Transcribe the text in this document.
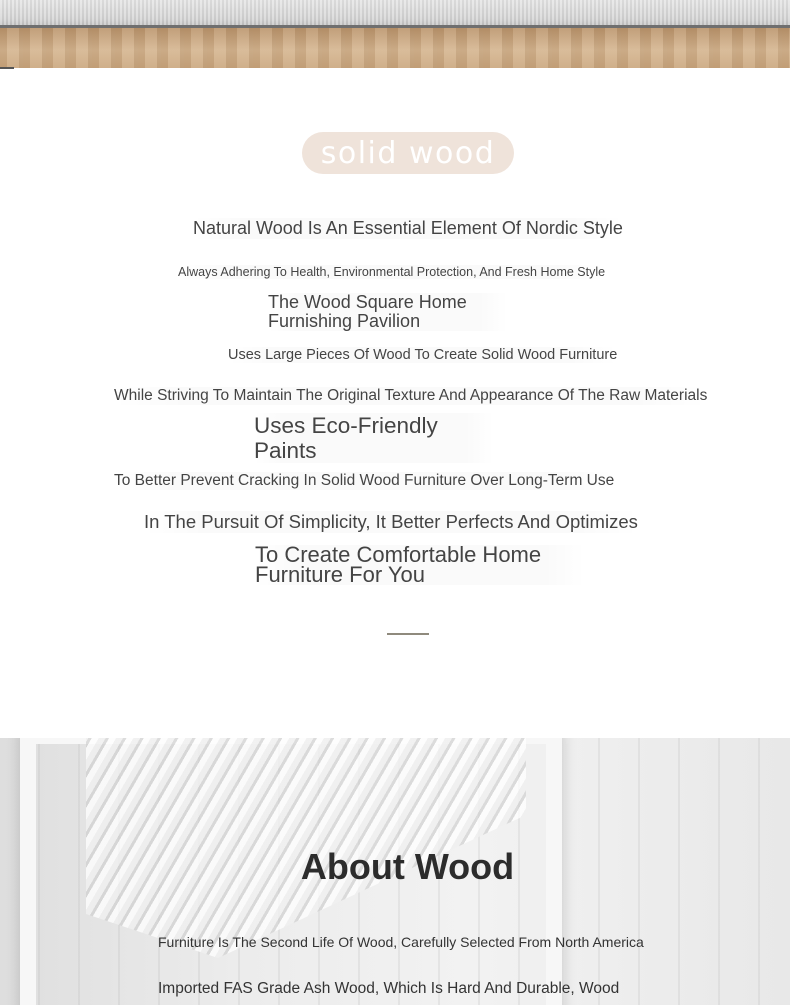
solid wood
Natural Wood Is An Essential Element Of Nordic Style
Always Adhering To Health, Environmental Protection, And Fresh Home Style
The Wood Square Home Furnishing Pavilion
Uses Large Pieces Of Wood To Create Solid Wood Furniture
While Striving To Maintain The Original Texture And Appearance Of The Raw Materials
Uses Eco-Friendly Paints
To Better Prevent Cracking In Solid Wood Furniture Over Long-Term Use
In The Pursuit Of Simplicity, It Better Perfects And Optimizes
To Create Comfortable Home Furniture For You
About Wood
Furniture Is The Second Life Of Wood, Carefully Selected From North America
Imported FAS Grade Ash Wood, Which Is Hard And Durable, Wood
